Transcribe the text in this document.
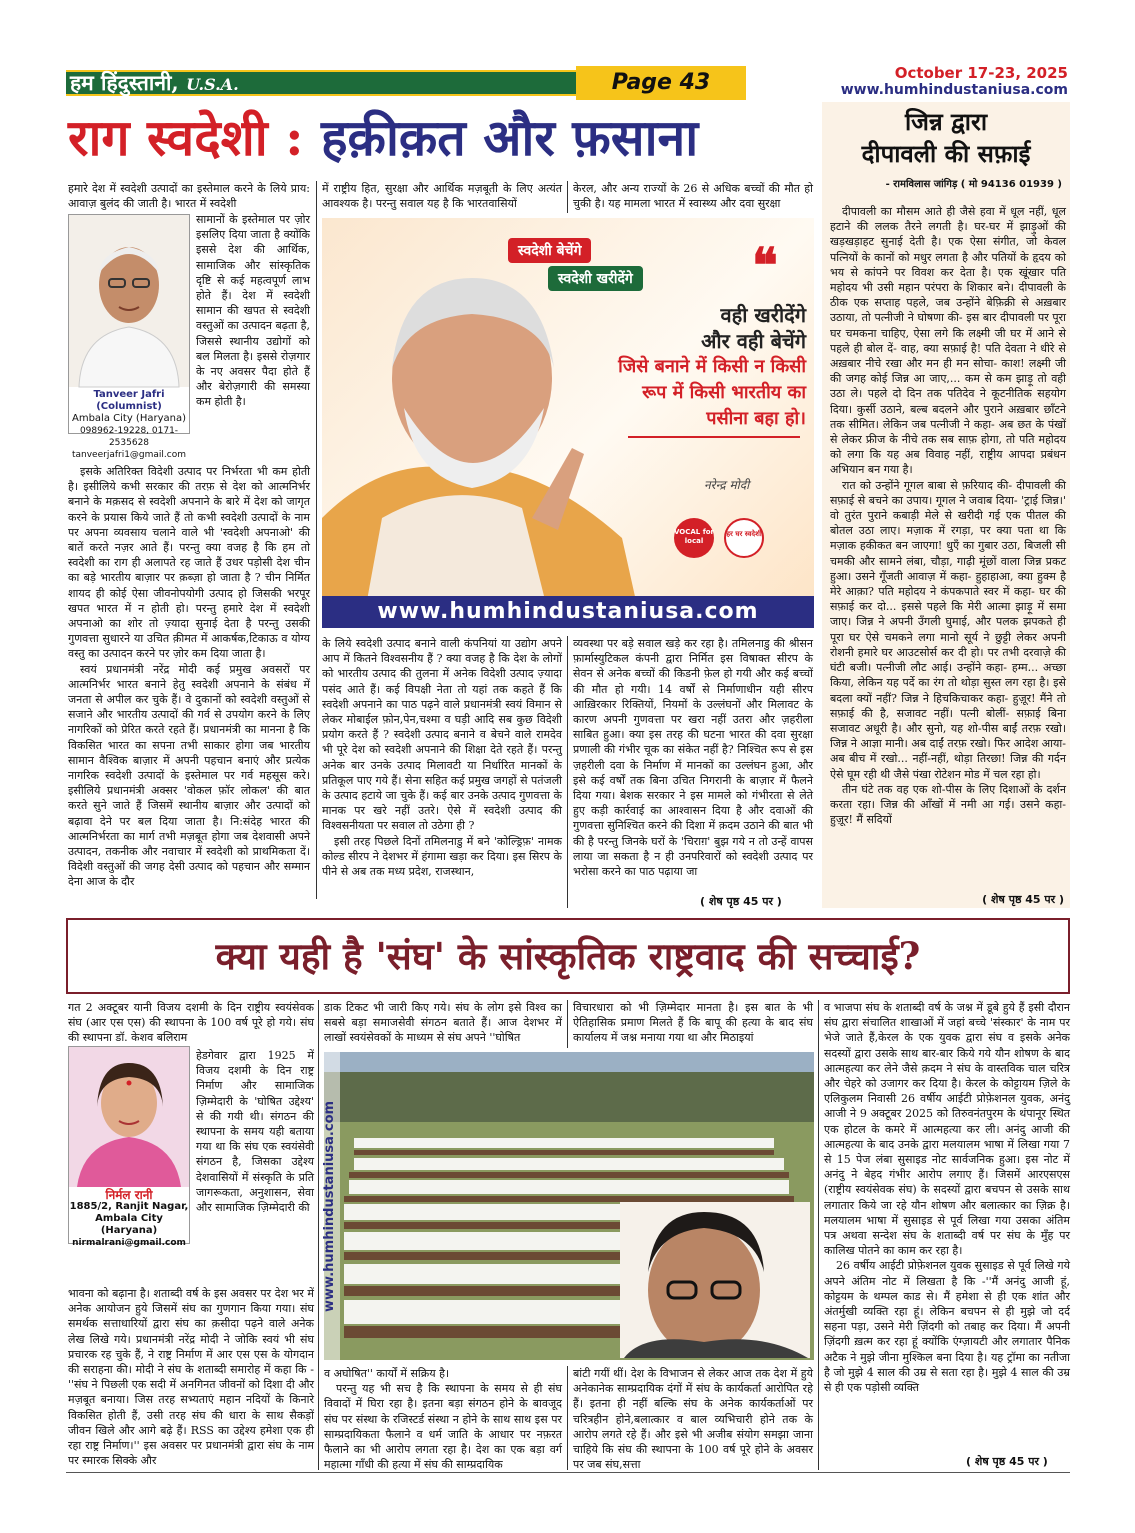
हम हिंदुस्तानी, U.S.A.	Page 43	October 17-23, 2025
www.humhindustaniusa.com
राग स्वदेशी : हक़ीक़त और फ़साना
हमारे देश में स्वदेशी उत्पादों का इस्तेमाल करने के लिये प्राय: आवाज़ बुलंद की जाती है। भारत में स्वदेशी
Tanveer Jafri (Columnist)
Ambala City (Haryana)
098962-19228, 0171-2535628
tanveerjafri1@gmail.com
सामानों के इस्तेमाल पर ज़ोर इसलिए दिया जाता है क्योंकि इससे देश की आर्थिक, सामाजिक और सांस्कृतिक दृष्टि से कई महत्वपूर्ण लाभ होते हैं। देश में स्वदेशी सामान की खपत से स्वदेशी वस्तुओं का उत्पादन बढ़ता है, जिससे स्थानीय उद्योगों को बल मिलता है। इससे रोज़गार के नए अवसर पैदा होते हैं और बेरोज़गारी की समस्या कम होती है।

इसके अतिरिक्त विदेशी उत्पाद पर निर्भरता भी कम होती है। इसीलिये कभी सरकार की तरफ़ से देश को आत्मनिर्भर बनाने के मक़सद से स्वदेशी अपनाने के बारे में देश को जागृत करने के प्रयास किये जाते हैं तो कभी स्वदेशी उत्पादों के नाम पर अपना व्यवसाय चलाने वाले भी 'स्वदेशी अपनाओ' की बातें करते नज़र आते हैं। परन्तु क्या वजह है कि हम तो स्वदेशी का राग ही अलापते रह जाते हैं उधर पड़ोसी देश चीन का बड़े भारतीय बाज़ार पर क़ब्ज़ा हो जाता है ? चीन निर्मित शायद ही कोई ऐसा जीवनोपयोगी उत्पाद हो जिसकी भरपूर खपत भारत में न होती हो। परन्तु हमारे देश में स्वदेशी अपनाओ का शोर तो ज़्यादा सुनाई देता है परन्तु उसकी गुणवत्ता सुधारने या उचित क़ीमत में आकर्षक,टिकाऊ व योग्य वस्तु का उत्पादन करने पर ज़ोर कम दिया जाता है।

स्वयं प्रधानमंत्री नरेंद्र मोदी कई प्रमुख अवसरों पर आत्मनिर्भर भारत बनाने हेतु स्वदेशी अपनाने के संबंध में जनता से अपील कर चुके हैं। वे दुकानों को स्वदेशी वस्तुओं से सजाने और भारतीय उत्पादों की गर्व से उपयोग करने के लिए नागरिकों को प्रेरित करते रहते हैं। प्रधानमंत्री का मानना है कि विकसित भारत का सपना तभी साकार होगा जब भारतीय सामान वैश्विक बाज़ार में अपनी पहचान बनाएं और प्रत्येक नागरिक स्वदेशी उत्पादों के इस्तेमाल पर गर्व महसूस करे। इसीलिये प्रधानमंत्री अक्सर 'वोकल फ़ॉर लोकल' की बात करते सुने जाते हैं जिसमें स्थानीय बाज़ार और उत्पादों को बढ़ावा देने पर बल दिया जाता है। नि:संदेह भारत की आत्मनिर्भरता का मार्ग तभी मज़बूत होगा जब देशवासी अपने उत्पादन, तकनीक और नवाचार में स्वदेशी को प्राथमिकता दें। विदेशी वस्तुओं की जगह देसी उत्पाद को पहचान और सम्मान देना आज के दौर

में राष्ट्रीय हित, सुरक्षा और आर्थिक मज़बूती के लिए अत्यंत आवश्यक है। परन्तु सवाल यह है कि भारतवासियों
केरल, और अन्य राज्यों के 26 से अधिक बच्चों की मौत हो चुकी है। यह मामला भारत में स्वास्थ्य और दवा सुरक्षा
स्वदेशी बेचेंगे
स्वदेशी खरीदेंगे ❝
वही खरीदेंगे
और वही बेचेंगे
जिसे बनाने में किसी न किसी
रूप में किसी भारतीय का
पसीना बहा हो।
नरेन्द्र मोदी
VOCAL for local
हर घर स्वदेशी
www.humhindustaniusa.com

के लिये स्वदेशी उत्पाद बनाने वाली कंपनियां या उद्योग अपने आप में कितने विश्वसनीय हैं ? क्या वजह है कि देश के लोगों को भारतीय उत्पाद की तुलना में अनेक विदेशी उत्पाद ज़्यादा पसंद आते हैं। कई विपक्षी नेता तो यहां तक कहते हैं कि स्वदेशी अपनाने का पाठ पढ़ने वाले प्रधानमंत्री स्वयं विमान से लेकर मोबाईल फ़ोन,पेन,चश्मा व घड़ी आदि सब कुछ विदेशी प्रयोग करते हैं ? स्वदेशी उत्पाद बनाने व बेचने वाले रामदेव भी पूरे देश को स्वदेशी अपनाने की शिक्षा देते रहते हैं। परन्तु अनेक बार उनके उत्पाद मिलावटी या निर्धारित मानकों के प्रतिकूल पाए गये हैं। सेना सहित कई प्रमुख जगहों से पतंजली के उत्पाद हटाये जा चुके हैं। कई बार उनके उत्पाद गुणवत्ता के मानक पर खरे नहीं उतरे। ऐसे में स्वदेशी उत्पाद की विश्वसनीयता पर सवाल तो उठेगा ही ?

इसी तरह पिछले दिनों तमिलनाडु में बने 'कोल्ड्रिफ़' नामक कोल्ड सीरप ने देशभर में हंगामा खड़ा कर दिया। इस सिरप के पीने से अब तक मध्य प्रदेश, राजस्थान,

व्यवस्था पर बड़े सवाल खड़े कर रहा है। तमिलनाडु की श्रीसन फ़ार्मास्युटिकल कंपनी द्वारा निर्मित इस विषाक्त सीरप के सेवन से अनेक बच्चों की किडनी फ़ेल हो गयी और कई बच्चों की मौत हो गयी। 14 वर्षों से निर्माणाधीन यही सीरप आख़िरकार रिक्तियों, नियमों के उल्लंघनों और मिलावट के कारण अपनी गुणवत्ता पर खरा नहीं उतरा और ज़हरीला साबित हुआ। क्या इस तरह की घटना भारत की दवा सुरक्षा प्रणाली की गंभीर चूक का संकेत नहीं है? निश्चित रूप से इस ज़हरीली दवा के निर्माण में मानकों का उल्लंघन हुआ, और इसे कई वर्षों तक बिना उचित निगरानी के बाज़ार में फैलने दिया गया। बेशक सरकार ने इस मामले को गंभीरता से लेते हुए कड़ी कार्रवाई का आश्वासन दिया है और दवाओं की गुणवत्ता सुनिश्चित करने की दिशा में क़दम उठाने की बात भी की है परन्तु जिनके घरों के 'चिराग़' बुझ गये न तो उन्हें वापस लाया जा सकता है न ही उनपरिवारों को स्वदेशी उत्पाद पर भरोसा करने का पाठ पढ़ाया जा
( शेष पृष्ठ 45 पर )
जिन्न द्वारा
दीपावली की सफ़ाई
- रामविलास जांगिड़ ( मो 94136 01939 )

दीपावली का मौसम आते ही जैसे हवा में धूल नहीं, धूल हटाने की ललक तैरने लगती है। घर-घर में झाड़ुओं की खड़खड़ाहट सुनाई देती है। एक ऐसा संगीत, जो केवल पत्नियों के कानों को मधुर लगता है और पतियों के हृदय को भय से कांपने पर विवश कर देता है। एक खूंखार पति महोदय भी उसी महान परंपरा के शिकार बने। दीपावली के ठीक एक सप्ताह पहले, जब उन्होंने बेफ़िक्री से अख़बार उठाया, तो पत्नीजी ने घोषणा की- इस बार दीपावली पर पूरा घर चमकना चाहिए, ऐसा लगे कि लक्ष्मी जी घर में आने से पहले ही बोल दें- वाह, क्या सफ़ाई है! पति देवता ने धीरे से अख़बार नीचे रखा और मन ही मन सोचा- काश! लक्ष्मी जी की जगह कोई जिन्न आ जाए,... कम से कम झाड़ू तो वही उठा ले। पहले दो दिन तक पतिदेव ने कूटनीतिक सहयोग दिया। कुर्सी उठाने, बल्ब बदलने और पुराने अख़बार छाँटने तक सीमित। लेकिन जब पत्नीजी ने कहा- अब छत के पंखों से लेकर फ्रीज के नीचे तक सब साफ़ होगा, तो पति महोदय को लगा कि यह अब विवाह नहीं, राष्ट्रीय आपदा प्रबंधन अभियान बन गया है।

रात को उन्होंने गूगल बाबा से फ़रियाद की- दीपावली की सफ़ाई से बचने का उपाय। गूगल ने जवाब दिया- 'ट्राई जिन्न।' वो तुरंत पुराने कबाड़ी मेले से खरीदी गई एक पीतल की बोतल उठा लाए। मज़ाक में रगड़ा, पर क्या पता था कि मज़ाक हकीकत बन जाएगा! धुएँ का गुबार उठा, बिजली सी चमकी और सामने लंबा, चौड़ा, गाढ़ी मूंछों वाला जिन्न प्रकट हुआ। उसने गूँजती आवाज़ में कहा- हुहाहाआ, क्या हुक्म है मेरे आक़ा? पति महोदय ने कंपकपाते स्वर में कहा- घर की सफ़ाई कर दो... इससे पहले कि मेरी आत्मा झाड़ू में समा जाए। जिन्न ने अपनी उँगली घुमाई, और पलक झपकते ही पूरा घर ऐसे चमकने लगा मानो सूर्य ने छुट्टी लेकर अपनी रोशनी हमारे घर आउटसोर्स कर दी हो। पर तभी दरवाज़े की घंटी बजी। पत्नीजी लौट आई। उन्होंने कहा- हम्म... अच्छा किया, लेकिन यह पर्दे का रंग तो थोड़ा सुस्त लग रहा है। इसे बदला क्यों नहीं? जिन्न ने हिचकिचाकर कहा- हुज़ूर! मैंने तो सफ़ाई की है, सजावट नहीं। पत्नी बोलीं- सफ़ाई बिना सजावट अधूरी है। और सुनो, यह शो-पीस बाईं तरफ़ रखो। जिन्न ने आज्ञा मानी। अब दाईं तरफ़ रखो। फिर आदेश आया- अब बीच में रखो... नहीं-नहीं, थोड़ा तिरछा! जिन्न की गर्दन ऐसे घूम रही थी जैसे पंखा रोटेशन मोड में चल रहा हो।

तीन घंटे तक वह एक शो-पीस के लिए दिशाओं के दर्शन करता रहा। जिन्न की आँखों में नमी आ गई। उसने कहा- हुज़ूर! मैं सदियों

( शेष पृष्ठ 45 पर )
क्या यही है 'संघ' के सांस्कृतिक राष्ट्रवाद की सच्चाई?
गत 2 अक्टूबर यानी विजय दशमी के दिन राष्ट्रीय स्वयंसेवक संघ (आर एस एस) की स्थापना के 100 वर्ष पूरे हो गये। संघ की स्थापना डॉ. केशव बलिराम
निर्मल रानी
1885/2, Ranjit Nagar,
Ambala City (Haryana)
nirmalrani@gmail.com
हेडगेवार द्वारा 1925 में विजय दशमी के दिन राष्ट्र निर्माण और सामाजिक ज़िम्मेदारी के 'घोषित उद्देश्य' से की गयी थी। संगठन की स्थापना के समय यही बताया गया था कि संघ एक स्वयंसेवी संगठन है, जिसका उद्देश्य देशवासियों में संस्कृति के प्रति जागरूकता, अनुशासन, सेवा और सामाजिक ज़िम्मेदारी की
भावना को बढ़ाना है। शताब्दी वर्ष के इस अवसर पर देश भर में अनेक आयोजन हुये जिसमें संघ का गुणगान किया गया। संघ समर्थक सत्ताधारियों द्वारा संघ का क़सीदा पढ़ने वाले अनेक लेख लिखे गये। प्रधानमंत्री नरेंद्र मोदी ने जोकि स्वयं भी संघ प्रचारक रह चुके हैं, ने राष्ट्र निर्माण में आर एस एस के योगदान की सराहना की। मोदी ने संघ के शताब्दी समारोह में कहा कि -''संघ ने पिछली एक सदी में अनगिनत जीवनों को दिशा दी और मज़बूत बनाया। जिस तरह सभ्यताएं महान नदियों के किनारे विकसित होती हैं, उसी तरह संघ की धारा के साथ सैकड़ों जीवन खिले और आगे बढ़े हैं। RSS का उद्देश्य हमेशा एक ही रहा राष्ट्र निर्माण।'' इस अवसर पर प्रधानमंत्री द्वारा संघ के नाम पर स्मारक सिक्के और
डाक टिकट भी जारी किए गये। संघ के लोग इसे विश्व का सबसे बड़ा समाजसेवी संगठन बताते हैं। आज देशभर में लाखों स्वयंसेवकों के माध्यम से संघ अपने ''घोषित
विचारधारा को भी ज़िम्मेदार मानता है। इस बात के भी ऐतिहासिक प्रमाण मिलते हैं कि बापू की हत्या के बाद संघ कार्यालय में जश्न मनाया गया था और मिठाइयां
www.humhindustaniusa.com

व अघोषित'' कार्यों में सक्रिय है।

परन्तु यह भी सच है कि स्थापना के समय से ही संघ विवादों में घिरा रहा है। इतना बड़ा संगठन होने के बावजूद संघ पर संस्था के रजिस्टर्ड संस्था न होने के साथ साथ इस पर साम्प्रदायिकता फैलाने व धर्म जाति के आधार पर नफ़रत फैलाने का भी आरोप लगता रहा है। देश का एक बड़ा वर्ग महात्मा गाँधी की हत्या में संघ की साम्प्रदायिक

बांटी गयीं थीं। देश के विभाजन से लेकर आज तक देश में हुये अनेकानेक साम्प्रदायिक दंगों में संघ के कार्यकर्ता आरोपित रहे हैं। इतना ही नहीं बल्कि संघ के अनेक कार्यकर्ताओं पर चरित्रहीन होने,बलात्कार व बाल व्यभिचारी होने तक के आरोप लगते रहे हैं। और इसे भी अजीब संयोग समझा जाना चाहिये कि संघ की स्थापना के 100 वर्ष पूरे होने के अवसर पर जब संघ,सत्ता

व भाजपा संघ के शताब्दी वर्ष के जश्न में डूबे हुये हैं इसी दौरान संघ द्वारा संचालित शाखाओं में जहां बच्चे 'संस्कार' के नाम पर भेजे जाते हैं,केरल के एक युवक द्वारा संघ व इसके अनेक सदस्यों द्वारा उसके साथ बार-बार किये गये यौन शोषण के बाद आत्महत्या कर लेने जैसे क़दम ने संघ के वास्तविक चाल चरित्र और चेहरे को उजागर कर दिया है। केरल के कोट्टायम ज़िले के एलिकुलम निवासी 26 वर्षीय आईटी प्रोफ़ेशनल युवक, अनंदु आजी ने 9 अक्टूबर 2025 को तिरुवनंतपुरम के थंपानूर स्थित एक होटल के कमरे में आत्महत्या कर ली। अनंदु आजी की आत्महत्या के बाद उनके द्वारा मलयालम भाषा में लिखा गया 7 से 15 पेज लंबा सुसाइड नोट सार्वजनिक हुआ। इस नोट में अनंदु ने बेहद गंभीर आरोप लगाए हैं। जिसमें आरएसएस (राष्ट्रीय स्वयंसेवक संघ) के सदस्यों द्वारा बचपन से उसके साथ लगातार किये जा रहे यौन शोषण और बलात्कार का ज़िक्र है। मलयालम भाषा में सुसाइड से पूर्व लिखा गया उसका अंतिम पत्र अथवा सन्देश संघ के शताब्दी वर्ष पर संघ के मुँह पर कालिख पोतने का काम कर रहा है।

26 वर्षीय आईटी प्रोफ़ेशनल युवक सुसाइड से पूर्व लिखे गये अपने अंतिम नोट में लिखता है कि -''मैं अनंदु आजी हूं, कोट्टयम के थम्पल काड से। मैं हमेशा से ही एक शांत और अंतर्मुखी व्यक्ति रहा हूं। लेकिन बचपन से ही मुझे जो दर्द सहना पड़ा, उसने मेरी ज़िंदगी को तबाह कर दिया। मैं अपनी ज़िंदगी ख़त्म कर रहा हूं क्योंकि एंग्ज़ायटी और लगातार पैनिक अटैक ने मुझे जीना मुश्किल बना दिया है। यह ट्रॉमा का नतीजा है जो मुझे 4 साल की उम्र से सता रहा है। मुझे 4 साल की उम्र से ही एक पड़ोसी व्यक्ति

( शेष पृष्ठ 45 पर )
